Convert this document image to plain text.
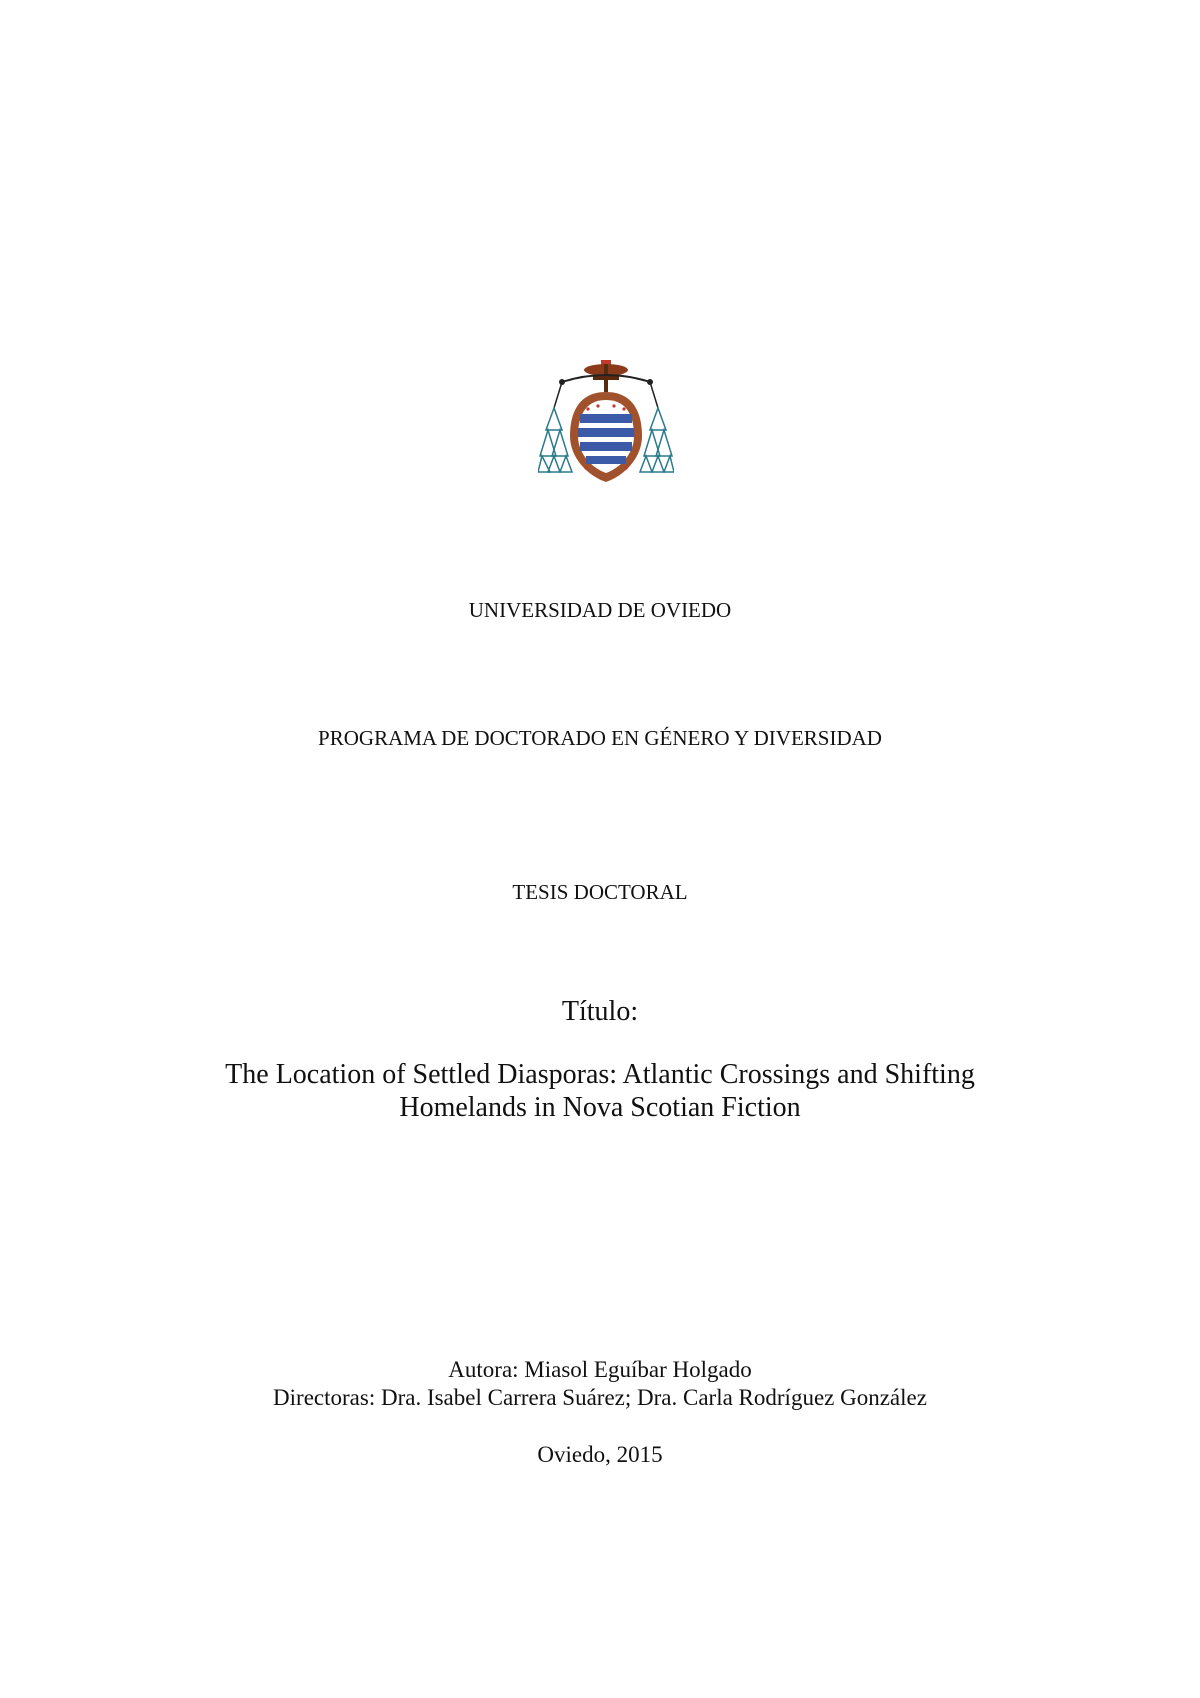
UNIVERSIDAD DE OVIEDO
PROGRAMA DE DOCTORADO EN GÉNERO Y DIVERSIDAD
TESIS DOCTORAL
Título:
The Location of Settled Diasporas: Atlantic Crossings and Shifting
Homelands in Nova Scotian Fiction
Autora: Miasol Eguíbar Holgado
Directoras: Dra. Isabel Carrera Suárez; Dra. Carla Rodríguez González
Oviedo, 2015
